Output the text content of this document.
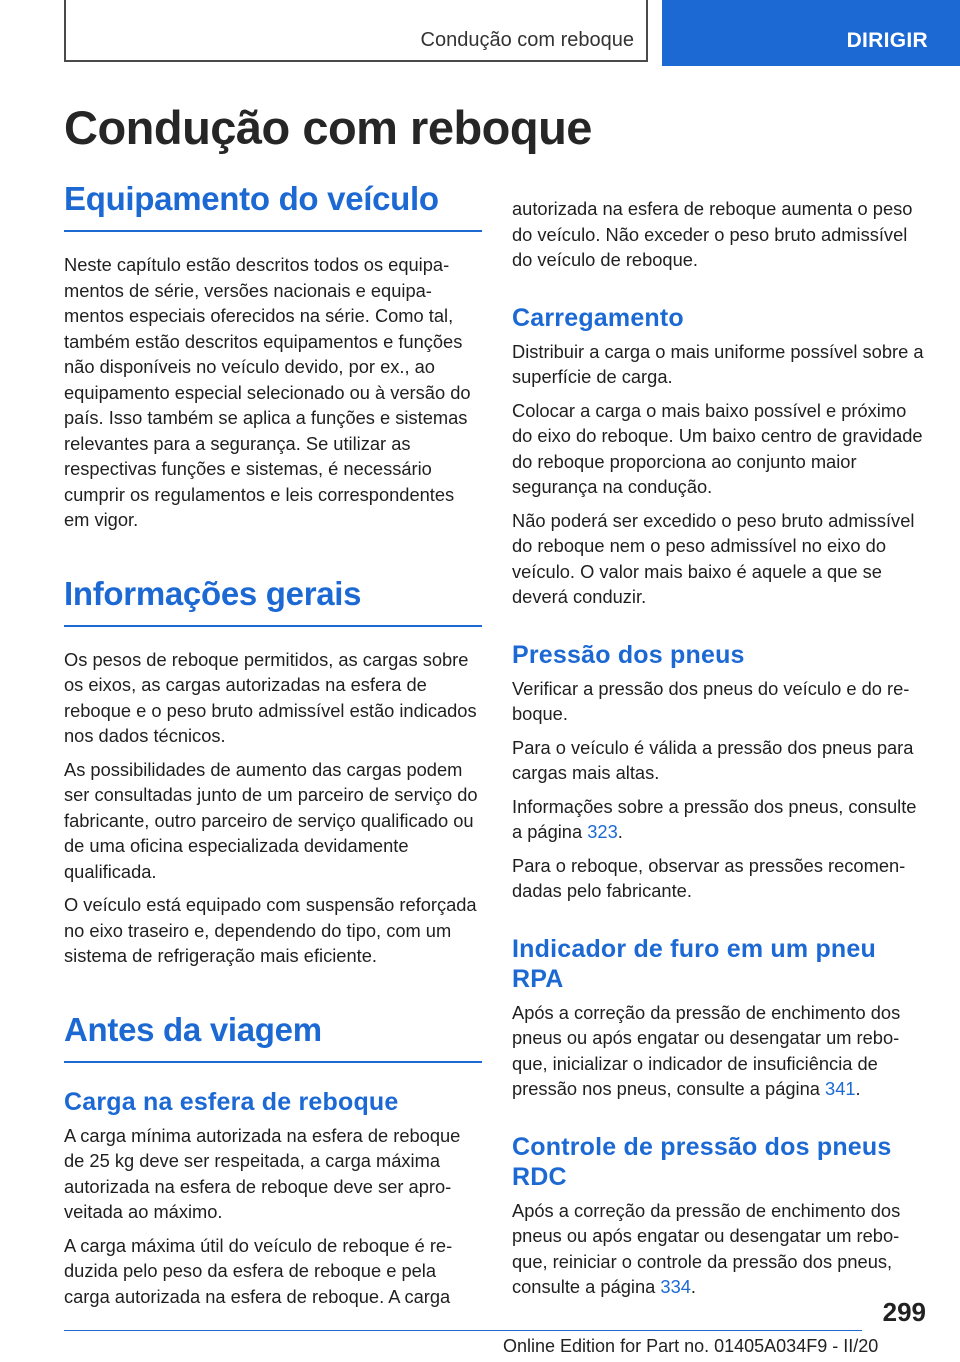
Condução com reboque	DIRIGIR
Condução com reboque
Equipamento do veículo

Neste capítulo estão descritos todos os equipamentos de série, versões nacionais e equipamentos especiais oferecidos na série. Como tal, também estão descritos equipamentos e funções não disponíveis no veículo devido, por ex., ao equipamento especial selecionado ou à versão do país. Isso também se aplica a funções e sistemas relevantes para a segurança. Se utilizar as respectivas funções e sistemas, é necessário cumprir os regulamentos e leis correspondentes em vigor.

Informações gerais

Os pesos de reboque permitidos, as cargas sobre os eixos, as cargas autorizadas na esfera de reboque e o peso bruto admissível estão indicados nos dados técnicos.

As possibilidades de aumento das cargas podem ser consultadas junto de um parceiro de serviço do fabricante, outro parceiro de serviço qualificado ou de uma oficina especializada devidamente qualificada.

O veículo está equipado com suspensão reforçada no eixo traseiro e, dependendo do tipo, com um sistema de refrigeração mais eficiente.

Antes da viagem
Carga na esfera de reboque

A carga mínima autorizada na esfera de reboque de 25 kg deve ser respeitada, a carga máxima autorizada na esfera de reboque deve ser aproveitada ao máximo.

A carga máxima útil do veículo de reboque é reduzida pelo peso da esfera de reboque e pela carga autorizada na esfera de reboque. A carga

autorizada na esfera de reboque aumenta o peso do veículo. Não exceder o peso bruto admissível do veículo de reboque.

Carregamento

Distribuir a carga o mais uniforme possível sobre a superfície de carga.

Colocar a carga o mais baixo possível e próximo do eixo do reboque. Um baixo centro de gravidade do reboque proporciona ao conjunto maior segurança na condução.

Não poderá ser excedido o peso bruto admissível do reboque nem o peso admissível no eixo do veículo. O valor mais baixo é aquele a que se deverá conduzir.

Pressão dos pneus

Verificar a pressão dos pneus do veículo e do reboque.

Para o veículo é válida a pressão dos pneus para cargas mais altas.

Informações sobre a pressão dos pneus, consulte a página 323.

Para o reboque, observar as pressões recomendadas pelo fabricante.

Indicador de furo em um pneu RPA

Após a correção da pressão de enchimento dos pneus ou após engatar ou desengatar um reboque, inicializar o indicador de insuficiência de pressão nos pneus, consulte a página 341.

Controle de pressão dos pneus RDC

Após a correção da pressão de enchimento dos pneus ou após engatar ou desengatar um reboque, reiniciar o controle da pressão dos pneus, consulte a página 334.

299
Online Edition for Part no. 01405A034F9 - II/20
